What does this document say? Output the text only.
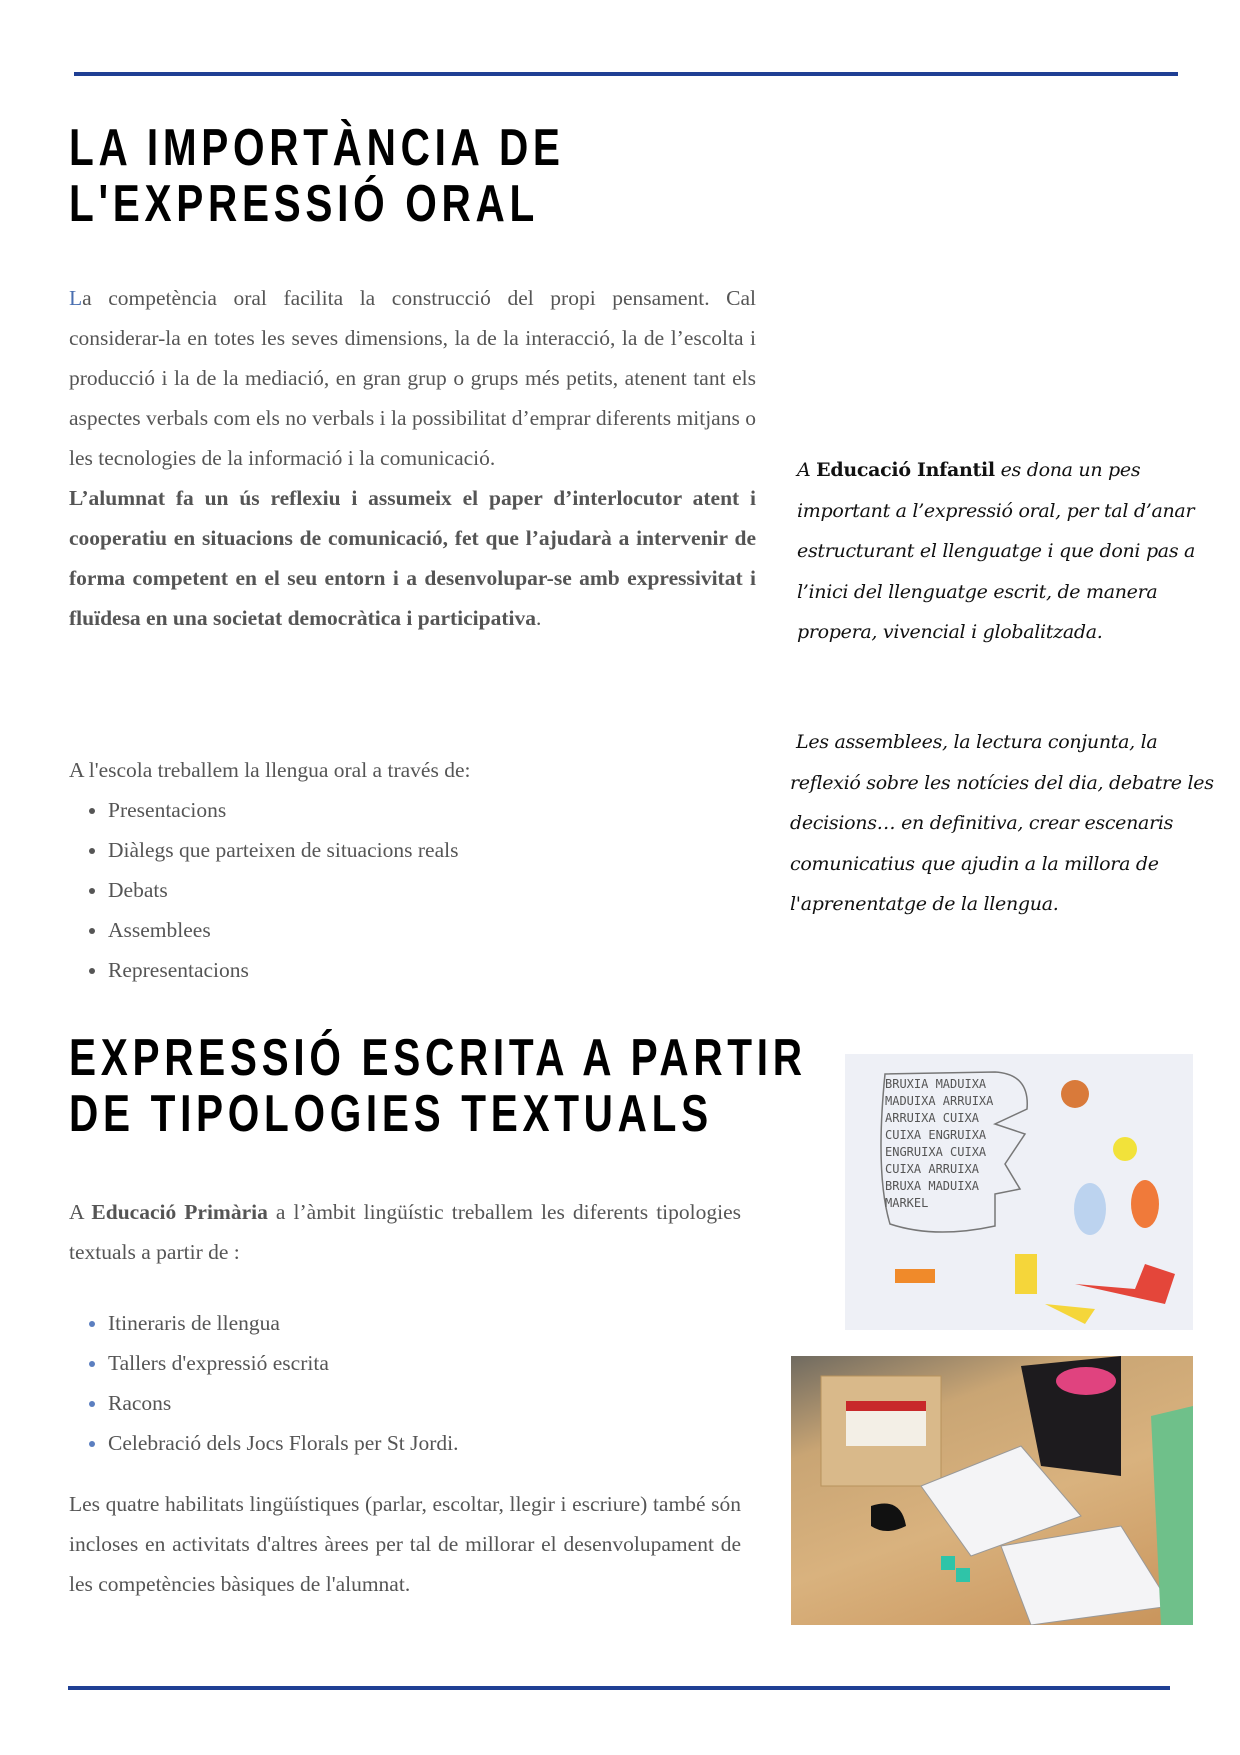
LA IMPORTÀNCIA DE
L'EXPRESSIÓ ORAL

La competència oral facilita la construcció del propi pensament. Cal considerar-la en totes les seves dimensions, la de la interacció, la de l’escolta i producció i la de la mediació, en gran grup o grups més petits, atenent tant els aspectes verbals com els no verbals i la possibilitat d’emprar diferents mitjans o les tecnologies de la informació i la comunicació.
L’alumnat fa un ús reflexiu i assumeix el paper d’interlocutor atent i cooperatiu en situacions de comunicació, fet que l’ajudarà a intervenir de forma competent en el seu entorn i a desenvolupar-se amb expressivitat i fluïdesa en una societat democràtica i participativa.

A l'escola treballem la llengua oral a través de:

• Presentacions
• Diàlegs que parteixen de situacions reals
• Debats
• Assemblees
• Representacions
A Educació Infantil es dona un pes
important a l’expressió oral, per tal d’anar
estructurant el llenguatge i que doni pas a
l’inici del llenguatge escrit, de manera
propera, vivencial i globalitzada.
Les assemblees, la lectura conjunta, la
reflexió sobre les notícies del dia, debatre les
decisions… en definitiva, crear escenaris
comunicatius que ajudin a la millora de
l'aprenentatge de la llengua.
EXPRESSIÓ ESCRITA A PARTIR
DE TIPOLOGIES TEXTUALS

A Educació Primària a l’àmbit lingüístic treballem les diferents tipologies textuals a partir de :

• Itineraris de llengua
• Tallers d'expressió escrita
• Racons
• Celebració dels Jocs Florals per St Jordi.

Les quatre habilitats lingüístiques (parlar, escoltar, llegir i escriure) també són incloses en activitats d'altres àrees per tal de millorar el desenvolupament de les competències bàsiques de l'alumnat.

BRUXIA MADUIXA
MADUIXA ARRUIXA
ARRUIXA CUIXA
CUIXA ENGRUIXA
ENGRUIXA CUIXA
CUIXA ARRUIXA
BRUXA MADUIXA
MARKEL
